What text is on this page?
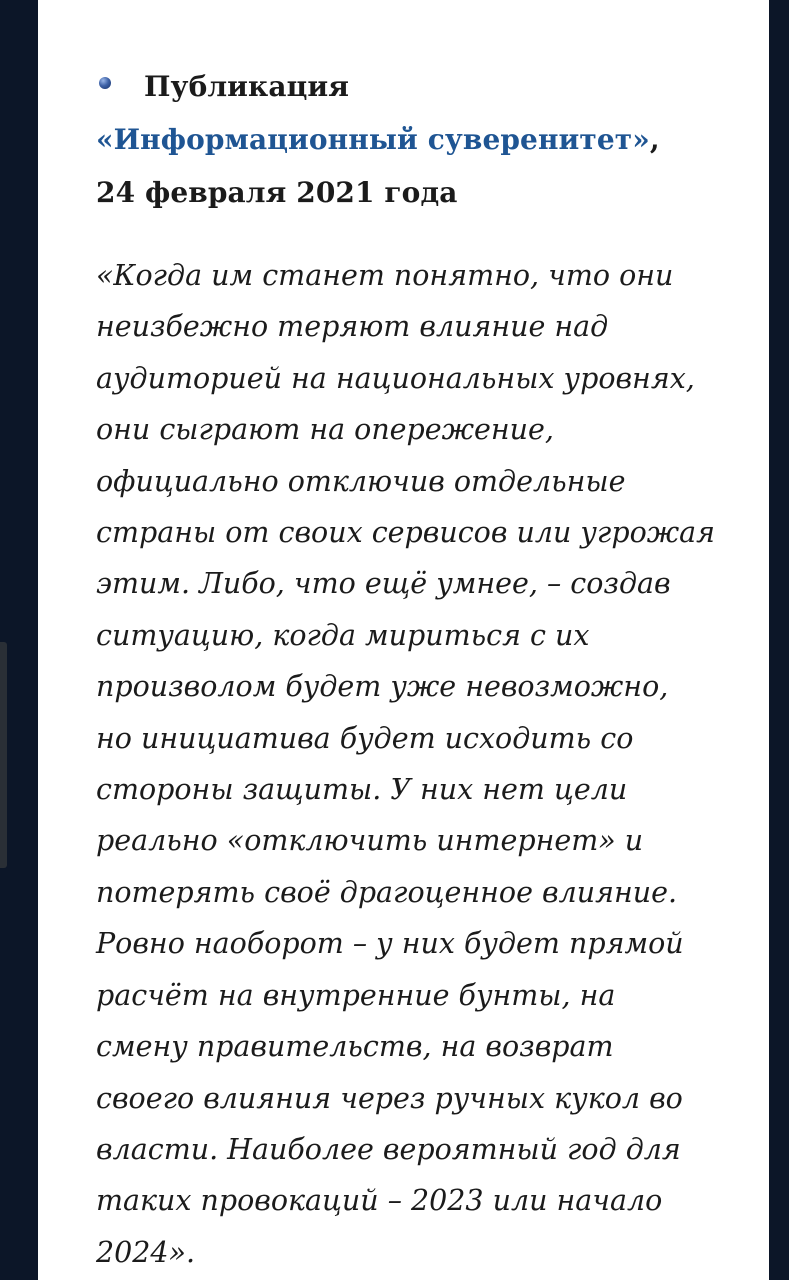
Публикация
«Информационный суверенитет»,
24 февраля 2021 года
«Когда им станет понятно, что они
неизбежно теряют влияние над
аудиторией на национальных уровнях,
они сыграют на опережение,
официально отключив отдельные
страны от своих сервисов или угрожая
этим. Либо, что ещё умнее, – создав
ситуацию, когда мириться с их
произволом будет уже невозможно,
но инициатива будет исходить со
стороны защиты. У них нет цели
реально «отключить интернет» и
потерять своё драгоценное влияние.
Ровно наоборот – у них будет прямой
расчёт на внутренние бунты, на
смену правительств, на возврат
своего влияния через ручных кукол во
власти. Наиболее вероятный год для
таких провокаций – 2023 или начало
2024».
